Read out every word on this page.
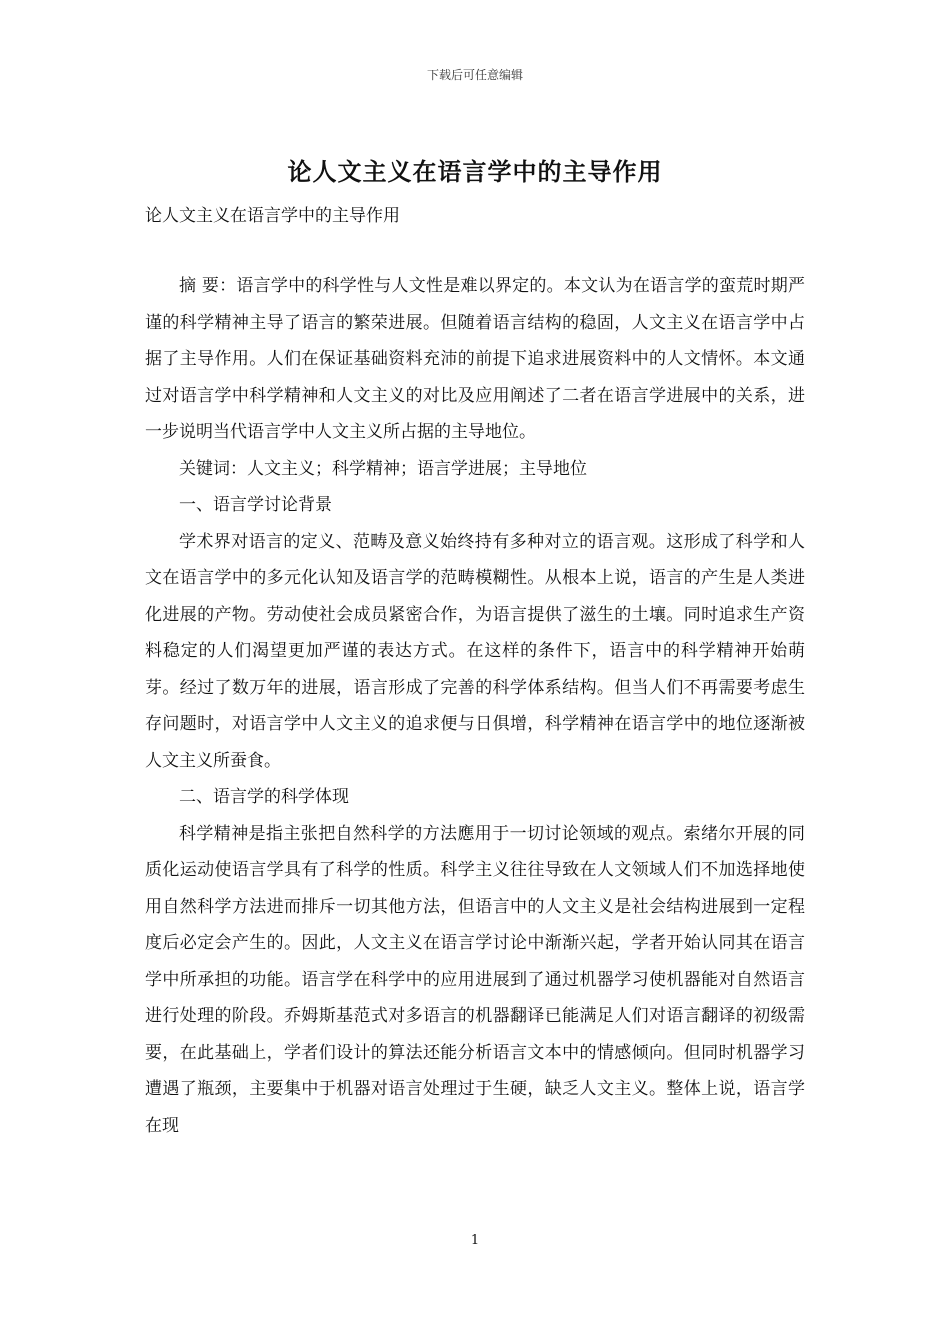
下载后可任意编辑
论人文主义在语言学中的主导作用
论人文主义在语言学中的主导作用

摘 要：语言学中的科学性与人文性是难以界定的。本文认为在语言学的蛮荒时期严谨的科学精神主导了语言的繁荣进展。但随着语言结构的稳固，人文主义在语言学中占据了主导作用。人们在保证基础资料充沛的前提下追求进展资料中的人文情怀。本文通过对语言学中科学精神和人文主义的对比及应用阐述了二者在语言学进展中的关系，进一步说明当代语言学中人文主义所占据的主导地位。

关键词：人文主义；科学精神；语言学进展；主导地位

一、语言学讨论背景

学术界对语言的定义、范畴及意义始终持有多种对立的语言观。这形成了科学和人文在语言学中的多元化认知及语言学的范畴模糊性。从根本上说，语言的产生是人类进化进展的产物。劳动使社会成员紧密合作，为语言提供了滋生的土壤。同时追求生产资料稳定的人们渴望更加严谨的表达方式。在这样的条件下，语言中的科学精神开始萌芽。经过了数万年的进展，语言形成了完善的科学体系结构。但当人们不再需要考虑生存问题时，对语言学中人文主义的追求便与日俱增，科学精神在语言学中的地位逐渐被人文主义所蚕食。

二、语言学的科学体现

科学精神是指主张把自然科学的方法應用于一切讨论领域的观点。索绪尔开展的同质化运动使语言学具有了科学的性质。科学主义往往导致在人文领域人们不加选择地使用自然科学方法进而排斥一切其他方法，但语言中的人文主义是社会结构进展到一定程度后必定会产生的。因此，人文主义在语言学讨论中渐渐兴起，学者开始认同其在语言学中所承担的功能。语言学在科学中的应用进展到了通过机器学习使机器能对自然语言进行处理的阶段。乔姆斯基范式对多语言的机器翻译已能满足人们对语言翻译的初级需要，在此基础上，学者们设计的算法还能分析语言文本中的情感倾向。但同时机器学习遭遇了瓶颈，主要集中于机器对语言处理过于生硬，缺乏人文主义。整体上说，语言学在现

1
